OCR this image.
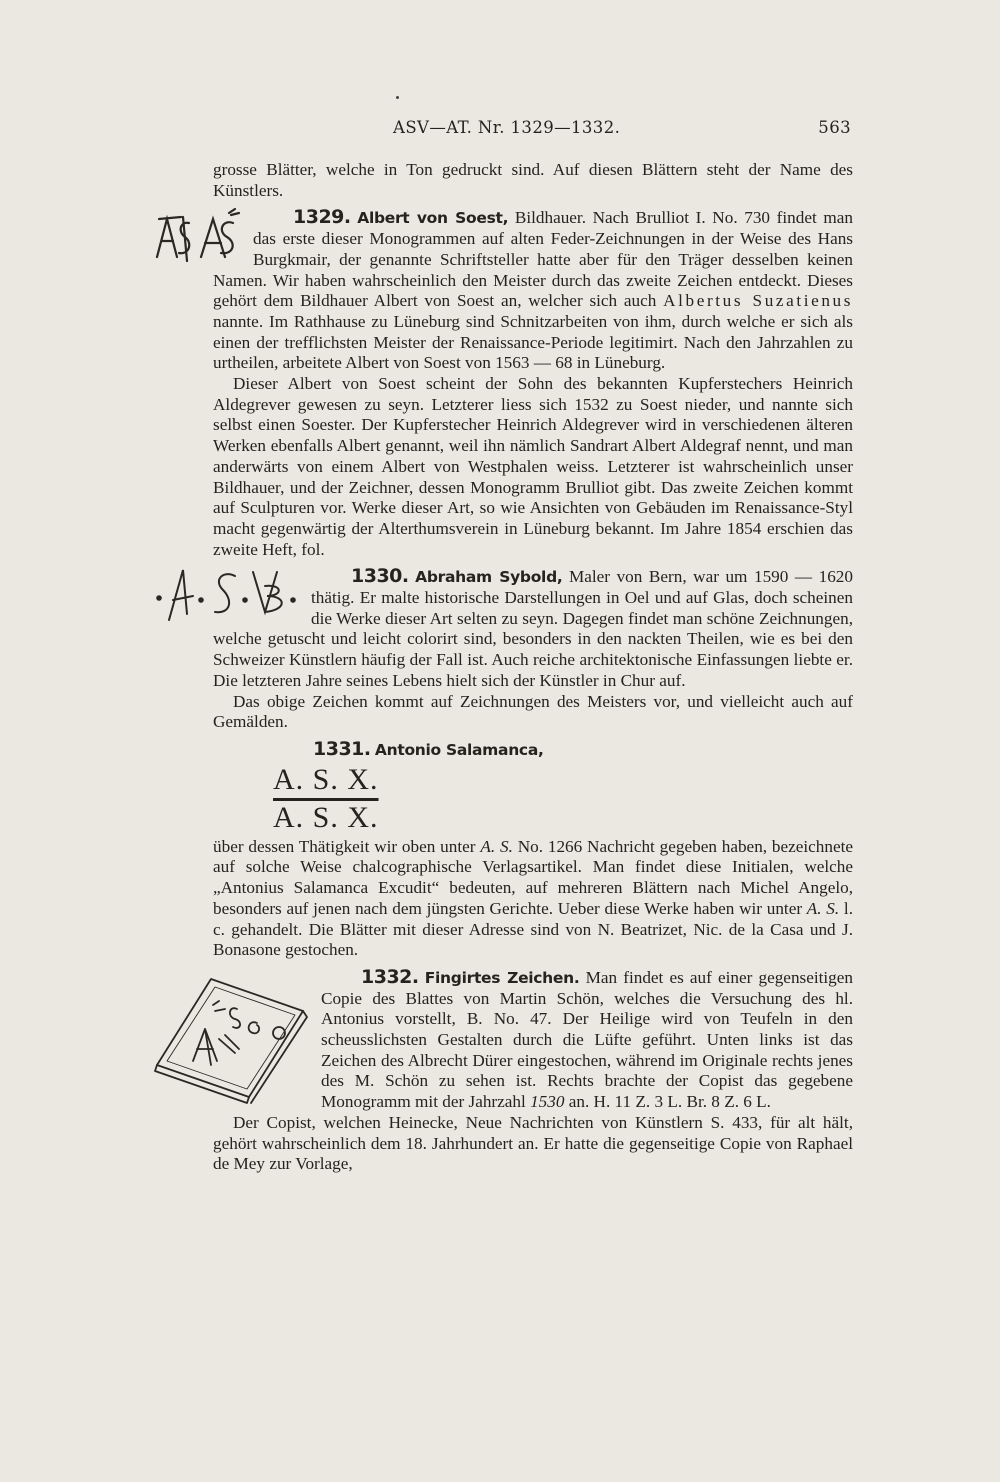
ASV—AT. Nr. 1329—1332.	563

grosse Blätter, welche in Ton gedruckt sind. Auf diesen Blättern steht der Name des Künstlers.

1329. Albert von Soest,
Bildhauer. Nach Brulliot I. No. 730 findet man das erste dieser Monogrammen auf alten Feder-Zeichnungen in der Weise des Hans Burgkmair, der genannte Schriftsteller hatte aber für den Träger desselben keinen Namen. Wir haben wahrscheinlich den Meister durch das zweite Zeichen entdeckt. Dieses gehört dem Bildhauer Albert von Soest an, welcher sich auch Albertus Suzatienus nannte. Im Rathhause zu Lüneburg sind Schnitzarbeiten von ihm, durch welche er sich als einen der trefflichsten Meister der Renaissance-Periode legitimirt. Nach den Jahrzahlen zu urtheilen, arbeitete Albert von Soest von 1563 — 68 in Lüneburg.

Dieser Albert von Soest scheint der Sohn des bekannten Kupferstechers Heinrich Aldegrever gewesen zu seyn. Letzterer liess sich 1532 zu Soest nieder, und nannte sich selbst einen Soester. Der Kupferstecher Heinrich Aldegrever wird in verschiedenen älteren Werken ebenfalls Albert genannt, weil ihn nämlich Sandrart Albert Aldegraf nennt, und man anderwärts von einem Albert von Westphalen weiss. Letzterer ist wahrscheinlich unser Bildhauer, und der Zeichner, dessen Monogramm Brulliot gibt. Das zweite Zeichen kommt auf Sculpturen vor. Werke dieser Art, so wie Ansichten von Gebäuden im Renaissance-Styl macht gegenwärtig der Alterthumsverein in Lüneburg bekannt. Im Jahre 1854 erschien das zweite Heft, fol.

1330. Abraham Sybold,
Maler von Bern, war um 1590 — 1620 thätig. Er malte historische Darstellungen in Oel und auf Glas, doch scheinen die Werke dieser Art selten zu seyn. Dagegen findet man schöne Zeichnungen, welche getuscht und leicht colorirt sind, besonders in den nackten Theilen, wie es bei den Schweizer Künstlern häufig der Fall ist. Auch reiche architektonische Einfassungen liebte er. Die letzteren Jahre seines Lebens hielt sich der Künstler in Chur auf.

Das obige Zeichen kommt auf Zeichnungen des Meisters vor, und vielleicht auch auf Gemälden.

1331. Antonio Salamanca,

A. S. X.
A. S. X.
über dessen Thätigkeit wir oben unter A. S. No. 1266 Nachricht gegeben haben, bezeichnete auf solche Weise chalcographische Verlagsartikel. Man findet diese Initialen, welche „Antonius Salamanca Excudit“ bedeuten, auf mehreren Blättern nach Michel Angelo, besonders auf jenen nach dem jüngsten Gerichte. Ueber diese Werke haben wir unter A. S. l. c. gehandelt. Die Blätter mit dieser Adresse sind von N. Beatrizet, Nic. de la Casa und J. Bonasone gestochen.

1332. Fingirtes Zeichen.
Man findet es auf einer gegenseitigen Copie des Blattes von Martin Schön, welches die Versuchung des hl. Antonius vorstellt, B. No. 47. Der Heilige wird von Teufeln in den scheusslichsten Gestalten durch die Lüfte geführt. Unten links ist das Zeichen des Albrecht Dürer eingestochen, während im Originale rechts jenes des M. Schön zu sehen ist. Rechts brachte der Copist das gegebene Monogramm mit der Jahrzahl 1530 an. H. 11 Z. 3 L. Br. 8 Z. 6 L.

Der Copist, welchen Heinecke, Neue Nachrichten von Künstlern S. 433, für alt hält, gehört wahrscheinlich dem 18. Jahrhundert an. Er hatte die gegenseitige Copie von Raphael de Mey zur Vorlage,
